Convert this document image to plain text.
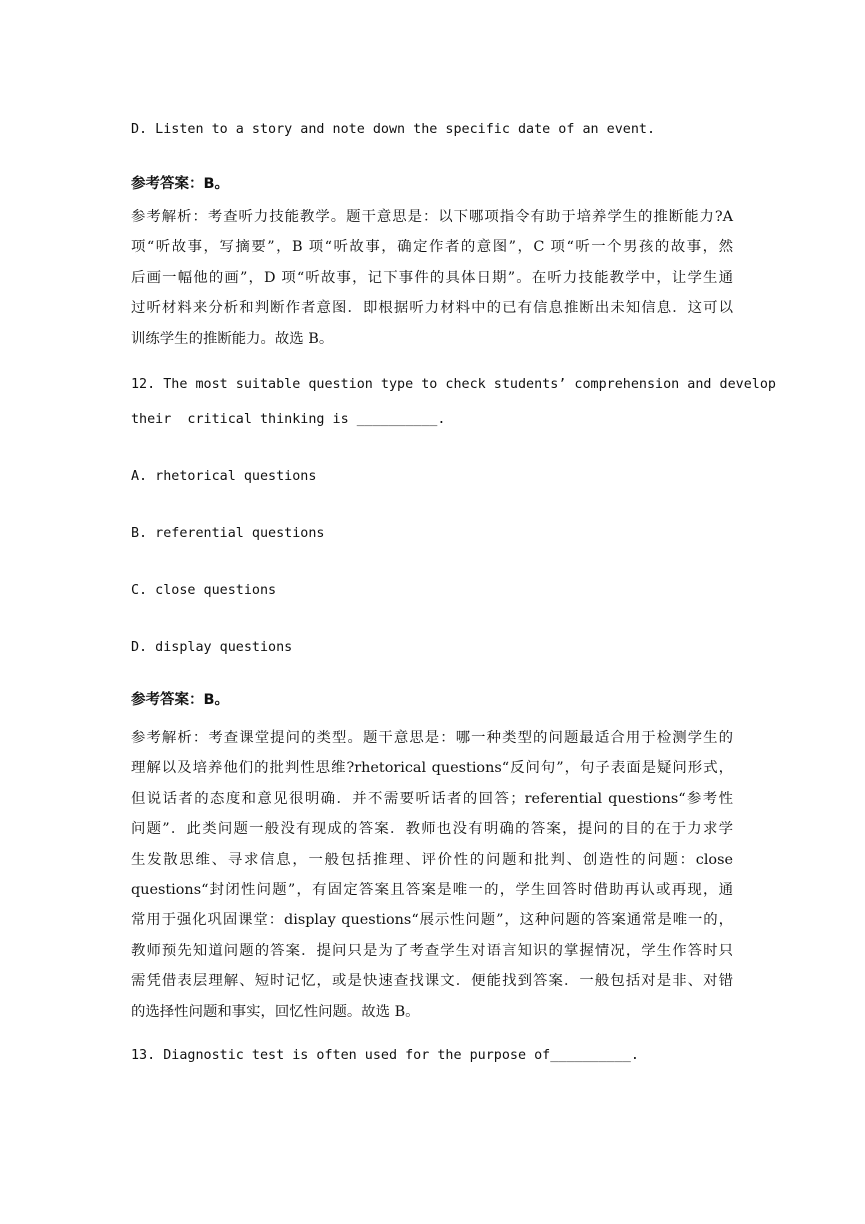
D. Listen to a story and note down the specific date of an event.
参考答案：B。
参考解析：考查听力技能教学。题干意思是：以下哪项指令有助于培养学生的推断能力?A
项“听故事，写摘要”，B 项“听故事，确定作者的意图”，C 项“听一个男孩的故事，然
后画一幅他的画”，D 项“听故事，记下事件的具体日期”。在听力技能教学中，让学生通
过听材料来分析和判断作者意图．即根据听力材料中的已有信息推断出未知信息．这可以
训练学生的推断能力。故选 B。
12. The most suitable question type to check students’ comprehension and develop
their  critical thinking is __________.
A. rhetorical questions
B. referential questions
C. close questions
D. display questions
参考答案：B。
参考解析：考查课堂提问的类型。题干意思是：哪一种类型的问题最适合用于检测学生的
理解以及培养他们的批判性思维?rhetorical questions“反问句”，句子表面是疑问形式，
但说话者的态度和意见很明确．并不需要听话者的回答；referential questions“参考性
问题”．此类问题一般没有现成的答案．教师也没有明确的答案，提问的目的在于力求学
生发散思维、寻求信息，一般包括推理、评价性的问题和批判、创造性的问题：close
questions“封闭性问题”，有固定答案且答案是唯一的，学生回答时借助再认或再现，通
常用于强化巩固课堂：display questions“展示性问题”，这种问题的答案通常是唯一的，
教师预先知道问题的答案．提问只是为了考查学生对语言知识的掌握情况，学生作答时只
需凭借表层理解、短时记忆，或是快速查找课文．便能找到答案．一般包括对是非、对错
的选择性问题和事实，回忆性问题。故选 B。
13. Diagnostic test is often used for the purpose of__________.
